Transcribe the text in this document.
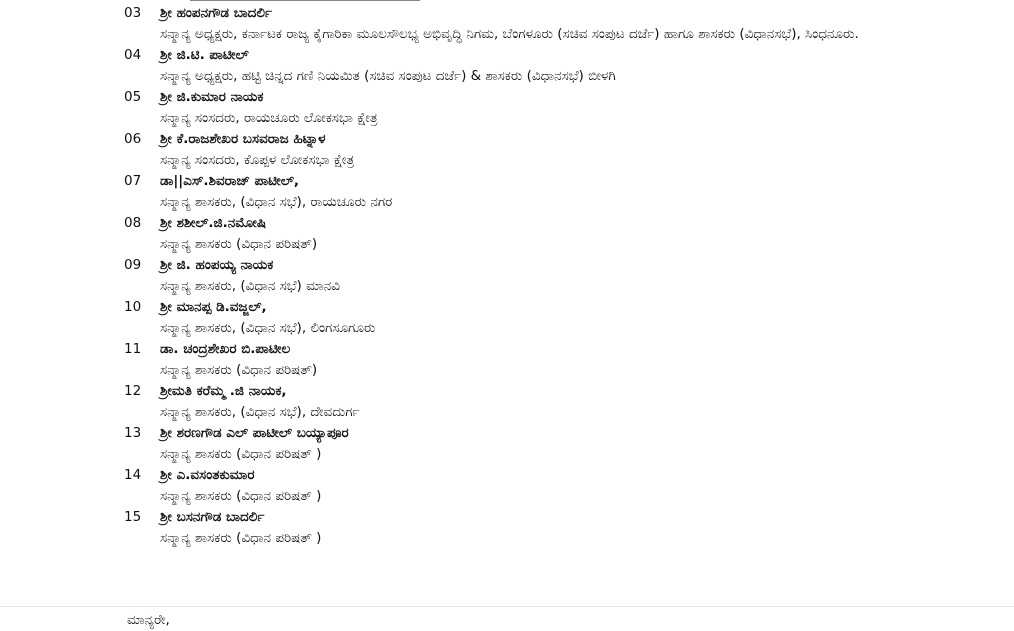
03	ಶ್ರೀ ಹಂಪನಗೌಡ ಬಾದರ್ಲಿ
ಸನ್ಮಾನ್ಯ ಅಧ್ಯಕ್ಷರು, ಕರ್ನಾಟಕ ರಾಜ್ಯ ಕೈಗಾರಿಕಾ ಮೂಲಸೌಲಭ್ಯ ಅಭಿವೃದ್ಧಿ ನಿಗಮ, ಬೆಂಗಳೂರು (ಸಚಿವ ಸಂಪುಟ ದರ್ಜೆ) ಹಾಗೂ ಶಾಸಕರು (ವಿಧಾನಸಭೆ), ಸಿಂಧನೂರು.
04	ಶ್ರೀ ಜಿ.ಟಿ. ಪಾಟೀಲ್
ಸನ್ಮಾನ್ಯ ಅಧ್ಯಕ್ಷರು, ಹಟ್ಟಿ ಚಿನ್ನದ ಗಣಿ ನಿಯಮಿತ (ಸಚಿವ ಸಂಪುಟ ದರ್ಜೆ) & ಶಾಸಕರು (ವಿಧಾನಸಭೆ) ಬೀಳಗಿ
05	ಶ್ರೀ ಜಿ.ಕುಮಾರ ನಾಯಕ
ಸನ್ಮಾನ್ಯ ಸಂಸದರು, ರಾಯಚೂರು ಲೋಕಸಭಾ ಕ್ಷೇತ್ರ
06	ಶ್ರೀ ಕೆ.ರಾಜಶೇಖರ ಬಸವರಾಜ ಹಿಟ್ನಾಳ
ಸನ್ಮಾನ್ಯ ಸಂಸದರು, ಕೊಪ್ಪಳ ಲೋಕಸಭಾ ಕ್ಷೇತ್ರ
07	ಡಾ||ಎಸ್.ಶಿವರಾಜ್ ಪಾಟೀಲ್,
ಸನ್ಮಾನ್ಯ ಶಾಸಕರು, (ವಿಧಾನ ಸಭೆ), ರಾಯಚೂರು ನಗರ
08	ಶ್ರೀ ಶಶೀಲ್.ಜಿ.ನಮೋಷಿ
ಸನ್ಮಾನ್ಯ ಶಾಸಕರು (ವಿಧಾನ ಪರಿಷತ್)
09	ಶ್ರೀ ಜಿ. ಹಂಪಯ್ಯ ನಾಯಕ
ಸನ್ಮಾನ್ಯ ಶಾಸಕರು, (ವಿಧಾನ ಸಭೆ) ಮಾನವಿ
10	ಶ್ರೀ ಮಾನಪ್ಪ ಡಿ.ವಜ್ಜಲ್,
ಸನ್ಮಾನ್ಯ ಶಾಸಕರು, (ವಿಧಾನ ಸಭೆ), ಲಿಂಗಸೂಗೂರು
11	ಡಾ. ಚಂದ್ರಶೇಖರ ಬಿ.ಪಾಟೀಲ
ಸನ್ಮಾನ್ಯ ಶಾಸಕರು (ವಿಧಾನ ಪರಿಷತ್)
12	ಶ್ರೀಮತಿ ಕರೆಮ್ಮ .ಜಿ ನಾಯಕ,
ಸನ್ಮಾನ್ಯ ಶಾಸಕರು, (ವಿಧಾನ ಸಭೆ), ದೇವದುರ್ಗ
13	ಶ್ರೀ ಶರಣಗೌಡ ಎಲ್ ಪಾಟೀಲ್ ಬಯ್ಯಾಪೂರ
ಸನ್ಮಾನ್ಯ ಶಾಸಕರು (ವಿಧಾನ ಪರಿಷತ್ )
14	ಶ್ರೀ ಎ.ವಸಂತಕುಮಾರ
ಸನ್ಮಾನ್ಯ ಶಾಸಕರು (ವಿಧಾನ ಪರಿಷತ್ )
15	ಶ್ರೀ ಬಸನಗೌಡ ಬಾದರ್ಲಿ
ಸನ್ಮಾನ್ಯ ಶಾಸಕರು (ವಿಧಾನ ಪರಿಷತ್ )
ಮಾನ್ಯರೇ,
